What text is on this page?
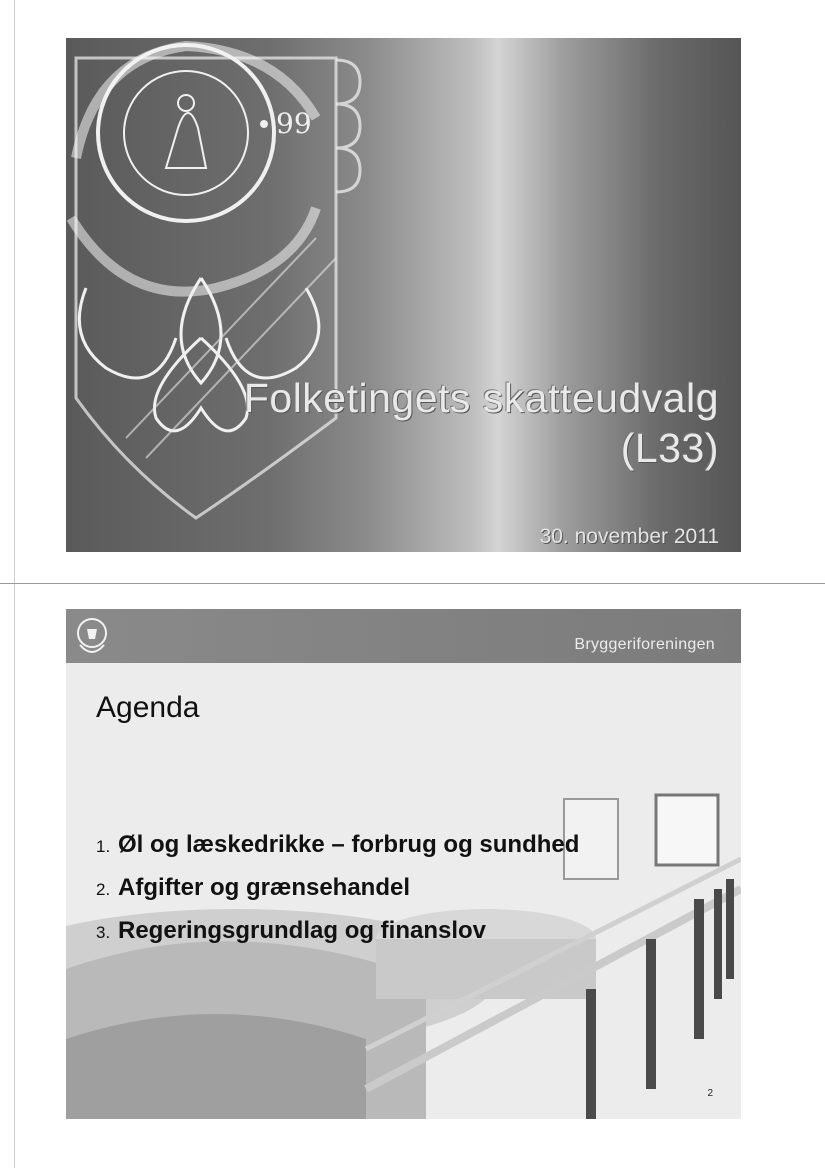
99
Folketingets skatteudvalg
(L33)
30. november 2011
Bryggeriforeningen
Agenda
1. Øl og læskedrikke – forbrug og sundhed
2. Afgifter og grænsehandel
3. Regeringsgrundlag og finanslov
2
